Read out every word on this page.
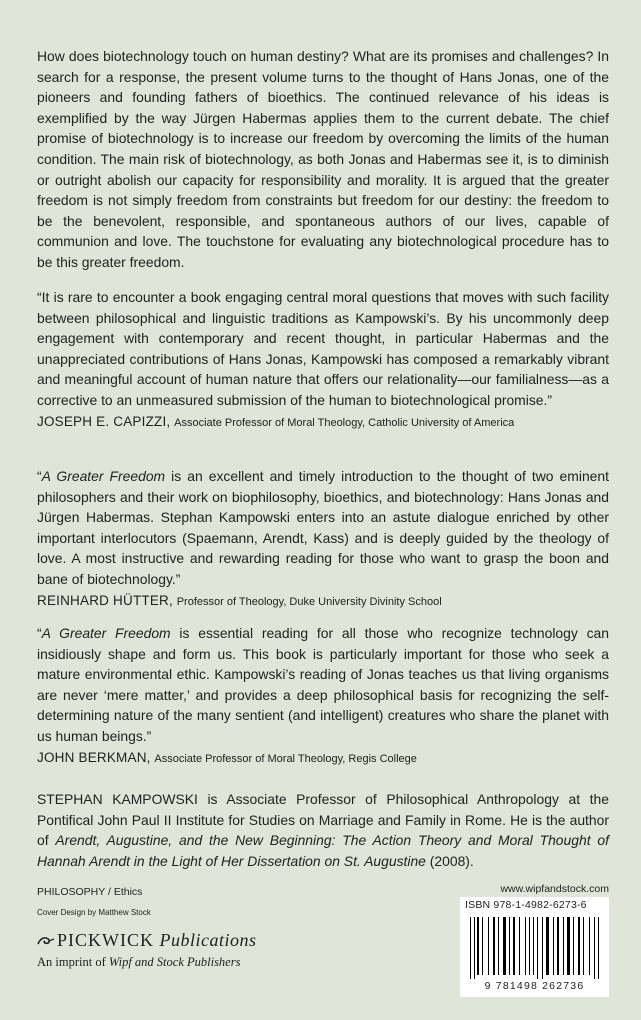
How does biotechnology touch on human destiny? What are its promises and challenges? In search for a response, the present volume turns to the thought of Hans Jonas, one of the pioneers and founding fathers of bioethics. The continued relevance of his ideas is exemplified by the way Jürgen Habermas applies them to the current debate. The chief promise of biotechnology is to increase our freedom by overcoming the limits of the human condition. The main risk of biotechnology, as both Jonas and Habermas see it, is to diminish or outright abolish our capacity for responsibility and morality. It is argued that the greater freedom is not simply freedom from constraints but freedom for our destiny: the freedom to be the benevolent, responsible, and spontaneous authors of our lives, capable of communion and love. The touchstone for evaluating any biotechnological procedure has to be this greater freedom.

“It is rare to encounter a book engaging central moral questions that moves with such facility between philosophical and linguistic traditions as Kampowski’s. By his uncommonly deep engagement with contemporary and recent thought, in particular Habermas and the unappreciated contributions of Hans Jonas, Kampowski has composed a remarkably vibrant and meaningful account of human nature that offers our relationality—our familialness—as a corrective to an unmeasured submission of the human to biotechnological promise.”

JOSEPH E. CAPIZZI, Associate Professor of Moral Theology, Catholic University of America

“A Greater Freedom is an excellent and timely introduction to the thought of two eminent philosophers and their work on biophilosophy, bioethics, and biotechnology: Hans Jonas and Jürgen Habermas. Stephan Kampowski enters into an astute dialogue enriched by other important interlocutors (Spaemann, Arendt, Kass) and is deeply guided by the theology of love. A most instructive and rewarding reading for those who want to grasp the boon and bane of biotechnology.”

REINHARD HÜTTER, Professor of Theology, Duke University Divinity School

“A Greater Freedom is essential reading for all those who recognize technology can insidiously shape and form us. This book is particularly important for those who seek a mature environmental ethic. Kampowski’s reading of Jonas teaches us that living organisms are never ‘mere matter,’ and provides a deep philosophical basis for recognizing the self-determining nature of the many sentient (and intelligent) creatures who share the planet with us human beings.”

JOHN BERKMAN, Associate Professor of Moral Theology, Regis College

STEPHAN KAMPOWSKI is Associate Professor of Philosophical Anthropology at the Pontifical John Paul II Institute for Studies on Marriage and Family in Rome. He is the author of Arendt, Augustine, and the New Beginning: The Action Theory and Moral Thought of Hannah Arendt in the Light of Her Dissertation on St. Augustine (2008).

PHILOSOPHY / Ethics
Cover Design by Matthew Stock
PICKWICK Publications
An imprint of Wipf and Stock Publishers
www.wipfandstock.com
ISBN 978-1-4982-6273-6
9 781498 262736
